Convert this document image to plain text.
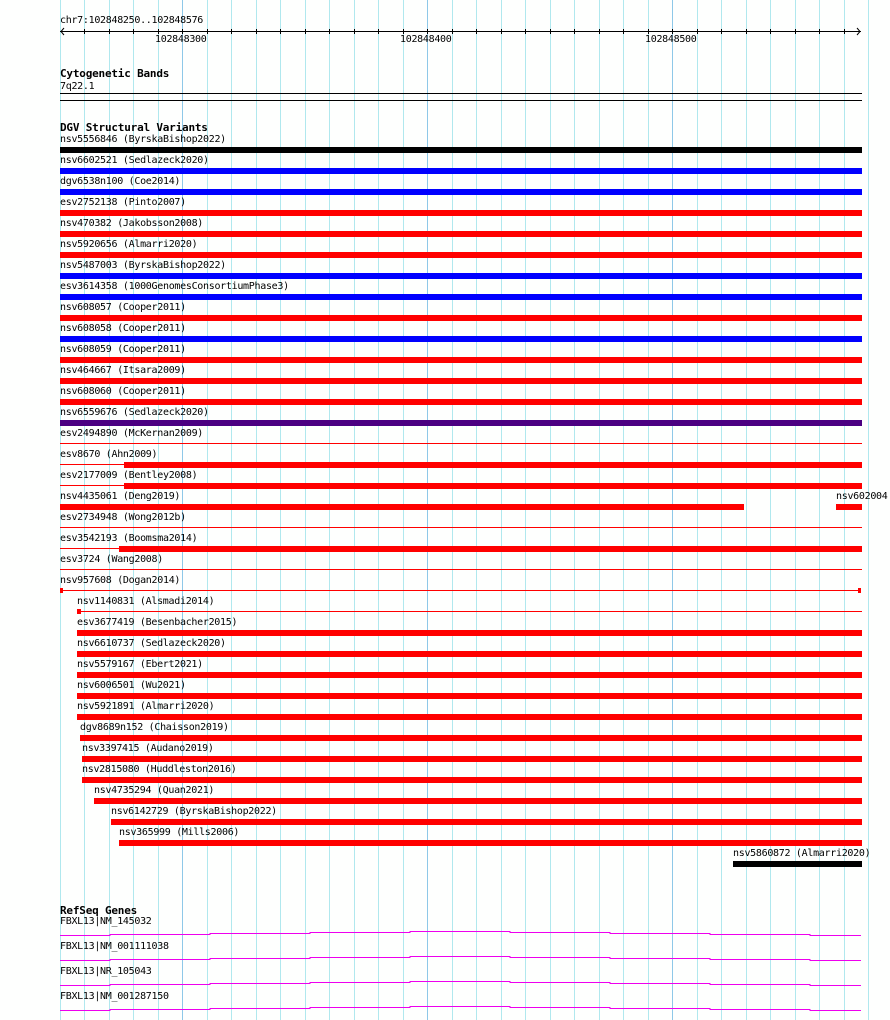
chr7:102848250..102848576
Cytogenetic Bands
7q22.1
DGV Structural Variants
nsv5556846 (ByrskaBishop2022)
nsv6602521 (Sedlazeck2020)
dgv6538n100 (Coe2014)
esv2752138 (Pinto2007)
nsv470382 (Jakobsson2008)
nsv5920656 (Almarri2020)
nsv5487003 (ByrskaBishop2022)
esv3614358 (1000GenomesConsortiumPhase3)
nsv608057 (Cooper2011)
nsv608058 (Cooper2011)
nsv608059 (Cooper2011)
nsv464667 (Itsara2009)
nsv608060 (Cooper2011)
nsv6559676 (Sedlazeck2020)
esv2494890 (McKernan2009)
esv8670 (Ahn2009)
esv2177009 (Bentley2008)
nsv4435061 (Deng2019)	nsv602004
esv2734948 (Wong2012b)
esv3542193 (Boomsma2014)
esv3724 (Wang2008)
nsv957608 (Dogan2014)
nsv1140831 (Alsmadi2014)
esv3677419 (Besenbacher2015)
nsv6610737 (Sedlazeck2020)
nsv5579167 (Ebert2021)
nsv6006501 (Wu2021)
nsv5921891 (Almarri2020)
dgv8689n152 (Chaisson2019)
nsv3397415 (Audano2019)
nsv2815080 (Huddleston2016)
nsv4735294 (Quan2021)
nsv6142729 (ByrskaBishop2022)
nsv365999 (Mills2006)
nsv5860872 (Almarri2020)
RefSeq Genes
FBXL13|NM_145032
FBXL13|NM_001111038
FBXL13|NR_105043
FBXL13|NM_001287150
102848300	102848400	102848500
